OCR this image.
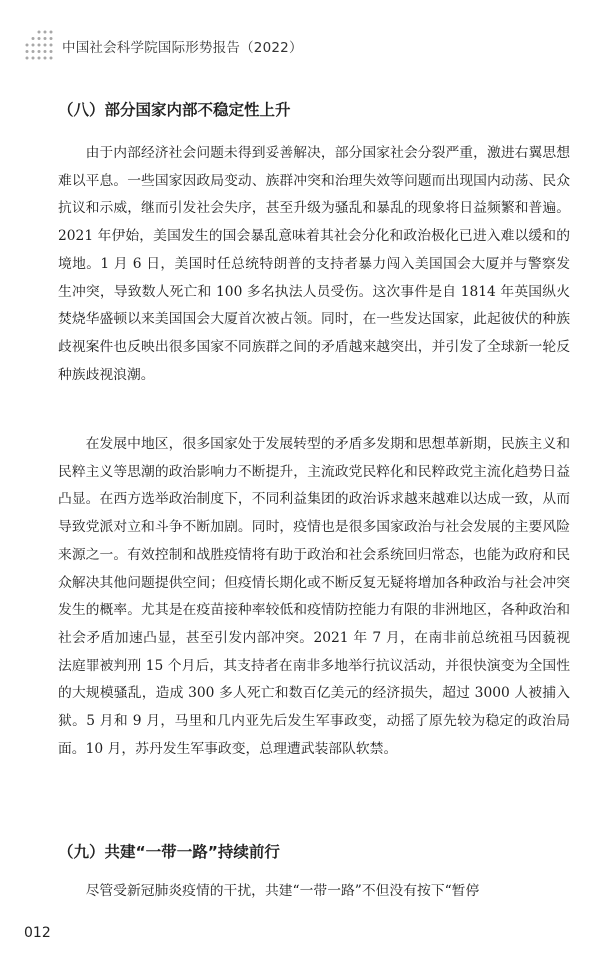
中国社会科学院国际形势报告（2022）
（八）部分国家内部不稳定性上升

由于内部经济社会问题未得到妥善解决，部分国家社会分裂严重，激进右翼思想难以平息。一些国家因政局变动、族群冲突和治理失效等问题而出现国内动荡、民众抗议和示威，继而引发社会失序，甚至升级为骚乱和暴乱的现象将日益频繁和普遍。2021 年伊始，美国发生的国会暴乱意味着其社会分化和政治极化已进入难以缓和的境地。1 月 6 日，美国时任总统特朗普的支持者暴力闯入美国国会大厦并与警察发生冲突，导致数人死亡和 100 多名执法人员受伤。这次事件是自 1814 年英国纵火焚烧华盛顿以来美国国会大厦首次被占领。同时，在一些发达国家，此起彼伏的种族歧视案件也反映出很多国家不同族群之间的矛盾越来越突出，并引发了全球新一轮反种族歧视浪潮。

在发展中地区，很多国家处于发展转型的矛盾多发期和思想革新期，民族主义和民粹主义等思潮的政治影响力不断提升，主流政党民粹化和民粹政党主流化趋势日益凸显。在西方选举政治制度下，不同利益集团的政治诉求越来越难以达成一致，从而导致党派对立和斗争不断加剧。同时，疫情也是很多国家政治与社会发展的主要风险来源之一。有效控制和战胜疫情将有助于政治和社会系统回归常态，也能为政府和民众解决其他问题提供空间；但疫情长期化或不断反复无疑将增加各种政治与社会冲突发生的概率。尤其是在疫苗接种率较低和疫情防控能力有限的非洲地区，各种政治和社会矛盾加速凸显，甚至引发内部冲突。2021 年 7 月，在南非前总统祖马因藐视法庭罪被判刑 15 个月后，其支持者在南非多地举行抗议活动，并很快演变为全国性的大规模骚乱，造成 300 多人死亡和数百亿美元的经济损失，超过 3000 人被捕入狱。5 月和 9 月，马里和几内亚先后发生军事政变，动摇了原先较为稳定的政治局面。10 月，苏丹发生军事政变，总理遭武装部队软禁。

（九）共建“一带一路”持续前行

尽管受新冠肺炎疫情的干扰，共建“一带一路”不但没有按下“暂停

012
